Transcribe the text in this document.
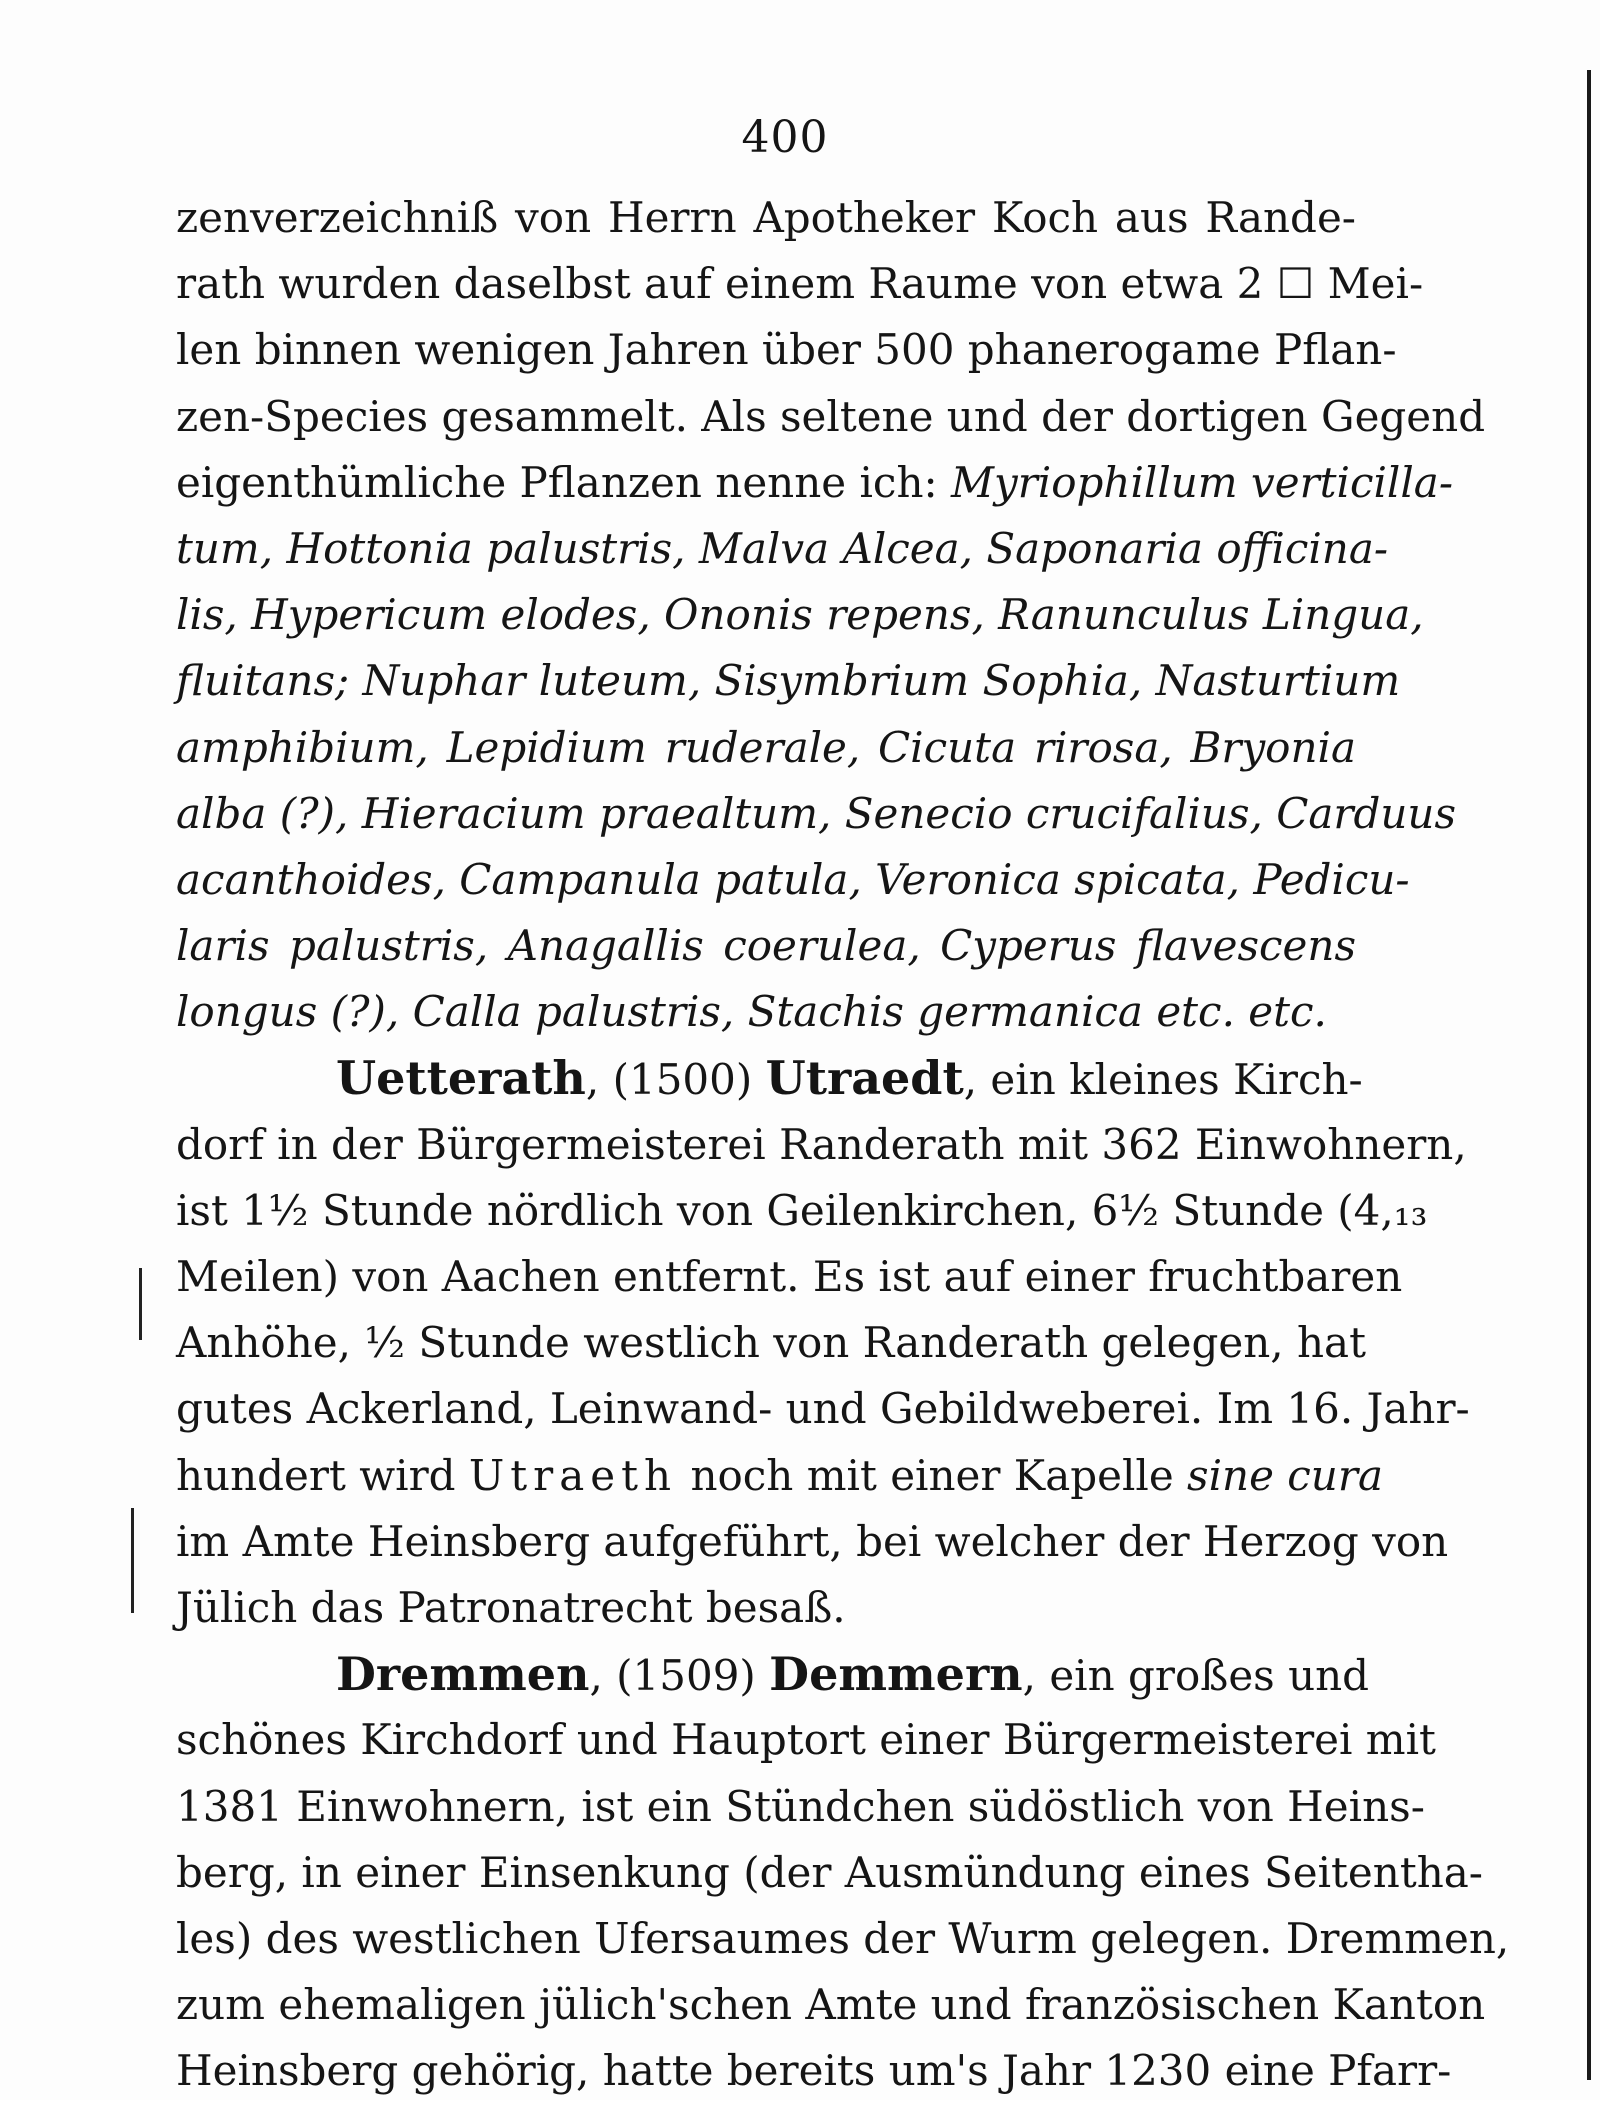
400
zenverzeichniß von Herrn Apotheker Koch aus Rande-
rath wurden daselbst auf einem Raume von etwa 2 ☐ Mei-
len binnen wenigen Jahren über 500 phanerogame Pflan-
zen-Species gesammelt. Als seltene und der dortigen Gegend
eigenthümliche Pflanzen nenne ich: Myriophillum verticilla-
tum, Hottonia palustris, Malva Alcea, Saponaria officina-
lis, Hypericum elodes, Ononis repens, Ranunculus Lingua,
fluitans; Nuphar luteum, Sisymbrium Sophia, Nasturtium
amphibium, Lepidium ruderale, Cicuta rirosa, Bryonia
alba (?), Hieracium praealtum, Senecio crucifalius, Carduus
acanthoides, Campanula patula, Veronica spicata, Pedicu-
laris palustris, Anagallis coerulea, Cyperus flavescens
longus (?), Calla palustris, Stachis germanica etc. etc.
Uetterath, (1500) Utraedt, ein kleines Kirch-
dorf in der Bürgermeisterei Randerath mit 362 Einwohnern,
ist 1½ Stunde nördlich von Geilenkirchen, 6½ Stunde (4,₁₃
Meilen) von Aachen entfernt. Es ist auf einer fruchtbaren
Anhöhe, ½ Stunde westlich von Randerath gelegen, hat
gutes Ackerland, Leinwand- und Gebildweberei. Im 16. Jahr-
hundert wird Utraeth noch mit einer Kapelle sine cura
im Amte Heinsberg aufgeführt, bei welcher der Herzog von
Jülich das Patronatrecht besaß.
Dremmen, (1509) Demmern, ein großes und
schönes Kirchdorf und Hauptort einer Bürgermeisterei mit
1381 Einwohnern, ist ein Stündchen südöstlich von Heins-
berg, in einer Einsenkung (der Ausmündung eines Seitentha-
les) des westlichen Ufersaumes der Wurm gelegen. Dremmen,
zum ehemaligen jülich'schen Amte und französischen Kanton
Heinsberg gehörig, hatte bereits um's Jahr 1230 eine Pfarr-
